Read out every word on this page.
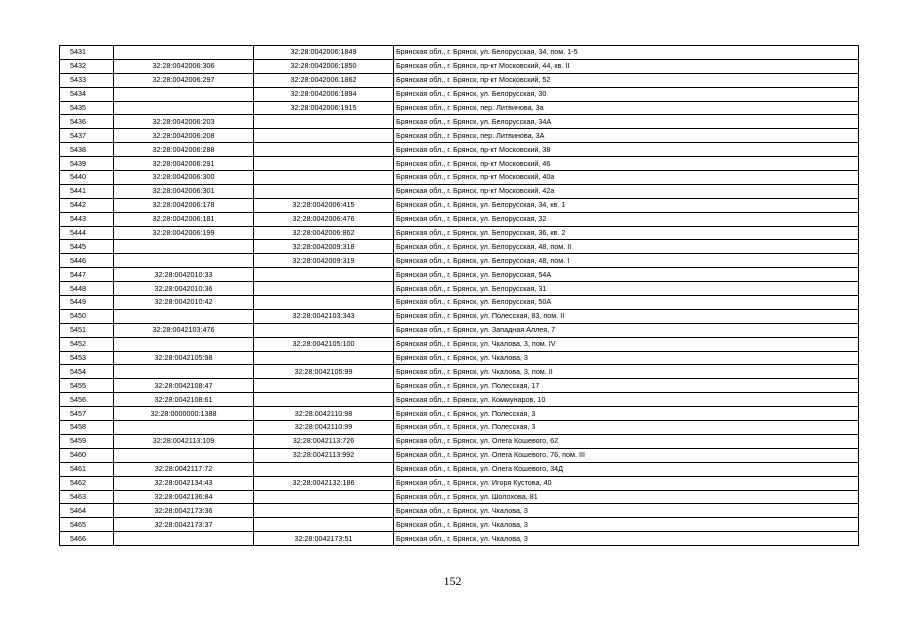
5431		32:28:0042006:1849	Брянская обл., г. Брянск, ул. Белорусская, 34, пом. 1-5
5432	32:28:0042006:306	32:28:0042006:1850	Брянская обл., г. Брянск, пр-кт Московский, 44, кв. II
5433	32:28:0042006:297	32:28:0042006:1862	Брянская обл., г. Брянск, пр-кт Московский, 52
5434		32:28:0042006:1894	Брянская обл., г. Брянск, ул. Белорусская, 30
5435		32:28:0042006:1915	Брянская обл., г. Брянск, пер. Литвинова, 3а
5436	32:28:0042006:203		Брянская обл., г. Брянск, ул. Белорусская, 34А
5437	32:28:0042006:208		Брянская обл., г. Брянск, пер. Литвинова, 3А
5438	32:28:0042006:288		Брянская обл., г. Брянск, пр-кт Московский, 38
5439	32:28:0042006:291		Брянская обл., г. Брянск, пр-кт Московский, 46
5440	32:28:0042006:300		Брянская обл., г. Брянск, пр-кт Московский, 40а
5441	32:28:0042006:301		Брянская обл., г. Брянск, пр-кт Московский, 42а
5442	32:28:0042006:178	32:28:0042006:415	Брянская обл., г. Брянск, ул. Белорусская, 34, кв. 1
5443	32:28:0042006:181	32:28:0042006:476	Брянская обл., г. Брянск, ул. Белорусская, 32
5444	32:28:0042006:199	32:28:0042006:862	Брянская обл., г. Брянск, ул. Белорусская, 36, кв. 2
5445		32:28:0042009:318	Брянская обл., г. Брянск, ул. Белорусская, 48, пом. II
5446		32:28:0042009:319	Брянская обл., г. Брянск, ул. Белорусская, 48, пом. I
5447	32:28:0042010:33		Брянская обл., г. Брянск, ул. Белорусская, 54А
5448	32:28:0042010:36		Брянская обл., г. Брянск, ул. Белорусская, 31
5449	32:28:0042010:42		Брянская обл., г. Брянск, ул. Белорусская, 50А
5450		32:28:0042103:343	Брянская обл., г. Брянск, ул. Полесская, 83, пом. II
5451	32:28:0042103:476		Брянская обл., г. Брянск, ул. Западная Аллея, 7
5452		32:28:0042105:100	Брянская обл., г. Брянск, ул. Чкалова, 3, пом. IV
5453	32:28:0042105:98		Брянская обл., г. Брянск, ул. Чкалова, 3
5454		32:28:0042105:99	Брянская обл., г. Брянск, ул. Чкалова, 3, пом. II
5455	32:28:0042108:47		Брянская обл., г. Брянск, ул. Полесская, 17
5456	32:28:0042108:61		Брянская обл., г. Брянск, ул. Коммунаров, 10
5457	32:28:0000000:1388	32:28:0042110:98	Брянская обл., г. Брянск, ул. Полесская, 3
5458		32:28:0042110:99	Брянская обл., г. Брянск, ул. Полесская, 3
5459	32:28:0042113:109	32:28:0042113:726	Брянская обл., г. Брянск, ул. Олега Кошевого, 62
5460		32:28:0042113:992	Брянская обл., г. Брянск, ул. Олега Кошевого, 76, пом. III
5461	32:28:0042117:72		Брянская обл., г. Брянск, ул. Олега Кошевого, 34Д
5462	32:28:0042134:43	32:28:0042132:186	Брянская обл., г. Брянск, ул. Игоря Кустова, 40
5463	32:28:0042136:84		Брянская обл., г. Брянск, ул. Шолохова, 81
5464	32:28:0042173:36		Брянская обл., г. Брянск, ул. Чкалова, 3
5465	32:28:0042173:37		Брянская обл., г. Брянск, ул. Чкалова, 3
5466		32:28:0042173:51	Брянская обл., г. Брянск, ул. Чкалова, 3
152
